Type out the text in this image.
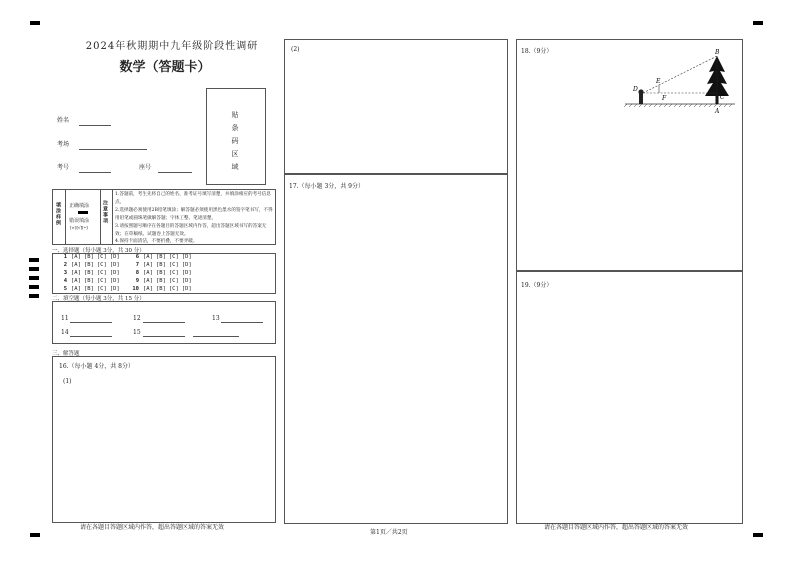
2024年秋期期中九年级阶段性调研
数学（答题卡）
姓名
考场
考号	座号
贴
条
码
区
域
填涂样例 正确填涂
错误填涂
[×][√][•]
注意事项
1.答题前，考生先将自己的姓名、准考证号填写清楚，并填涂相应的考号信息点。
2.选择题必须使用2B铅笔填涂；解答题必须使用黑色墨水的签字笔书写，不得用铅笔或圆珠笔做解答题；字体工整、笔迹清楚。
3.请按照题号顺序在各题目的答题区域内作答，超出答题区域书写的答案无效；在草稿纸、试题卷上答题无效。
4.保持卡面清洁，不要折叠，不要弄破。
一、选择题（每小题 3分，共 30 分）
1 [A] [B] [C] [D]
2 [A] [B] [C] [D]
3 [A] [B] [C] [D]
4 [A] [B] [C] [D]
5 [A] [B] [C] [D]
6 [A] [B] [C] [D]
7 [A] [B] [C] [D]
8 [A] [B] [C] [D]
9 [A] [B] [C] [D]
10 [A] [B] [C] [D]
二、填空题（每小题 3分，共 15 分）
11	12	13
14	15
三、解答题
16.（每小题 4分，共 8分）
(1)
请在各题目答题区域内作答，超出答题区域的答案无效
(2)
17.（每小题 3分，共 9分）
第1页／共2页
18.（9分）	B
E
D
F	C
A
19.（9分）
请在各题目答题区域内作答，超出答题区域的答案无效
